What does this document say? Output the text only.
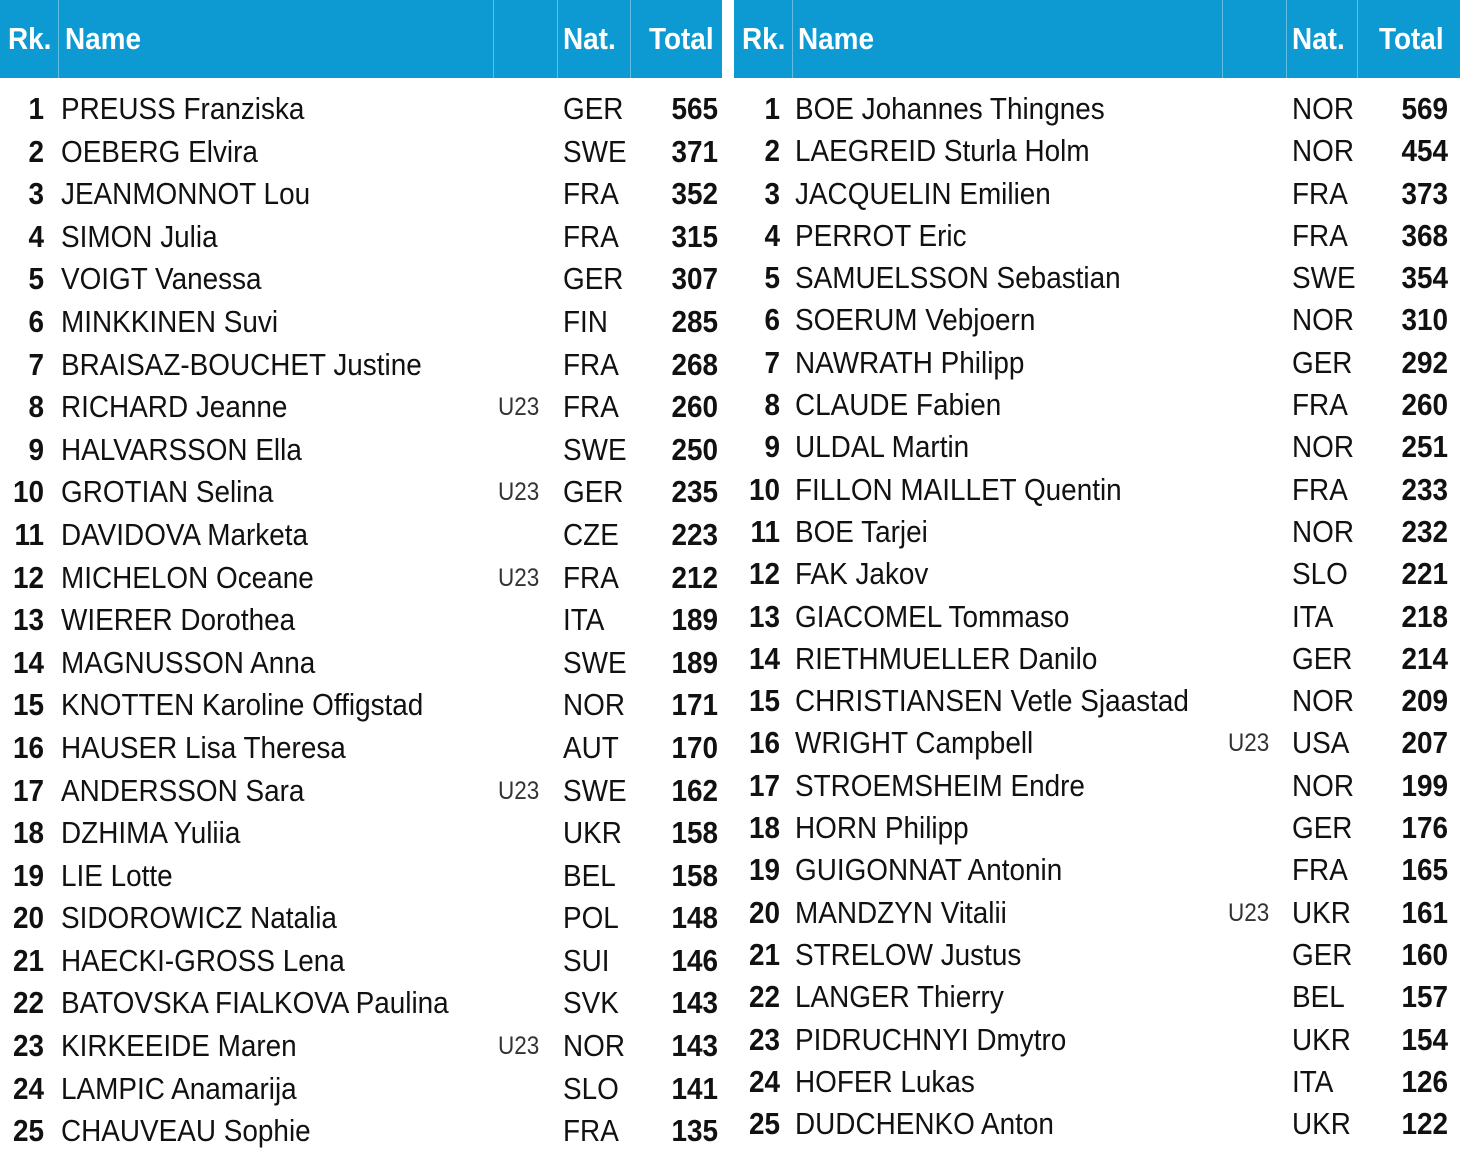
Rk. Name	Nat. Total
1 PREUSS Franziska	GER	565
2 OEBERG Elvira	SWE	371
3 JEANMONNOT Lou	FRA	352
4 SIMON Julia	FRA	315
5 VOIGT Vanessa	GER	307
6 MINKKINEN Suvi	FIN	285
7 BRAISAZ-BOUCHET Justine	FRA	268
8 RICHARD Jeanne	U23 FRA	260
9 HALVARSSON Ella	SWE	250
10 GROTIAN Selina	U23 GER	235
11 DAVIDOVA Marketa	CZE	223
12 MICHELON Oceane	U23 FRA	212
13 WIERER Dorothea	ITA	189
14 MAGNUSSON Anna	SWE	189
15 KNOTTEN Karoline Offigstad	NOR	171
16 HAUSER Lisa Theresa	AUT	170
17 ANDERSSON Sara	U23 SWE	162
18 DZHIMA Yuliia	UKR	158
19 LIE Lotte	BEL	158
20 SIDOROWICZ Natalia	POL	148
21 HAECKI-GROSS Lena	SUI	146
22 BATOVSKA FIALKOVA Paulina	SVK	143
23 KIRKEEIDE Maren	U23 NOR	143
24 LAMPIC Anamarija	SLO	141
25 CHAUVEAU Sophie	FRA	135
Rk. Name	Nat. Total
1 BOE Johannes Thingnes	NOR	569
2 LAEGREID Sturla Holm	NOR	454
3 JACQUELIN Emilien	FRA	373
4 PERROT Eric	FRA	368
5 SAMUELSSON Sebastian	SWE	354
6 SOERUM Vebjoern	NOR	310
7 NAWRATH Philipp	GER	292
8 CLAUDE Fabien	FRA	260
9 ULDAL Martin	NOR	251
10 FILLON MAILLET Quentin	FRA	233
11 BOE Tarjei	NOR	232
12 FAK Jakov	SLO	221
13 GIACOMEL Tommaso	ITA	218
14 RIETHMUELLER Danilo	GER	214
15 CHRISTIANSEN Vetle Sjaastad	NOR	209
16 WRIGHT Campbell	U23 USA	207
17 STROEMSHEIM Endre	NOR	199
18 HORN Philipp	GER	176
19 GUIGONNAT Antonin	FRA	165
20 MANDZYN Vitalii	U23 UKR	161
21 STRELOW Justus	GER	160
22 LANGER Thierry	BEL	157
23 PIDRUCHNYI Dmytro	UKR	154
24 HOFER Lukas	ITA	126
25 DUDCHENKO Anton	UKR	122
